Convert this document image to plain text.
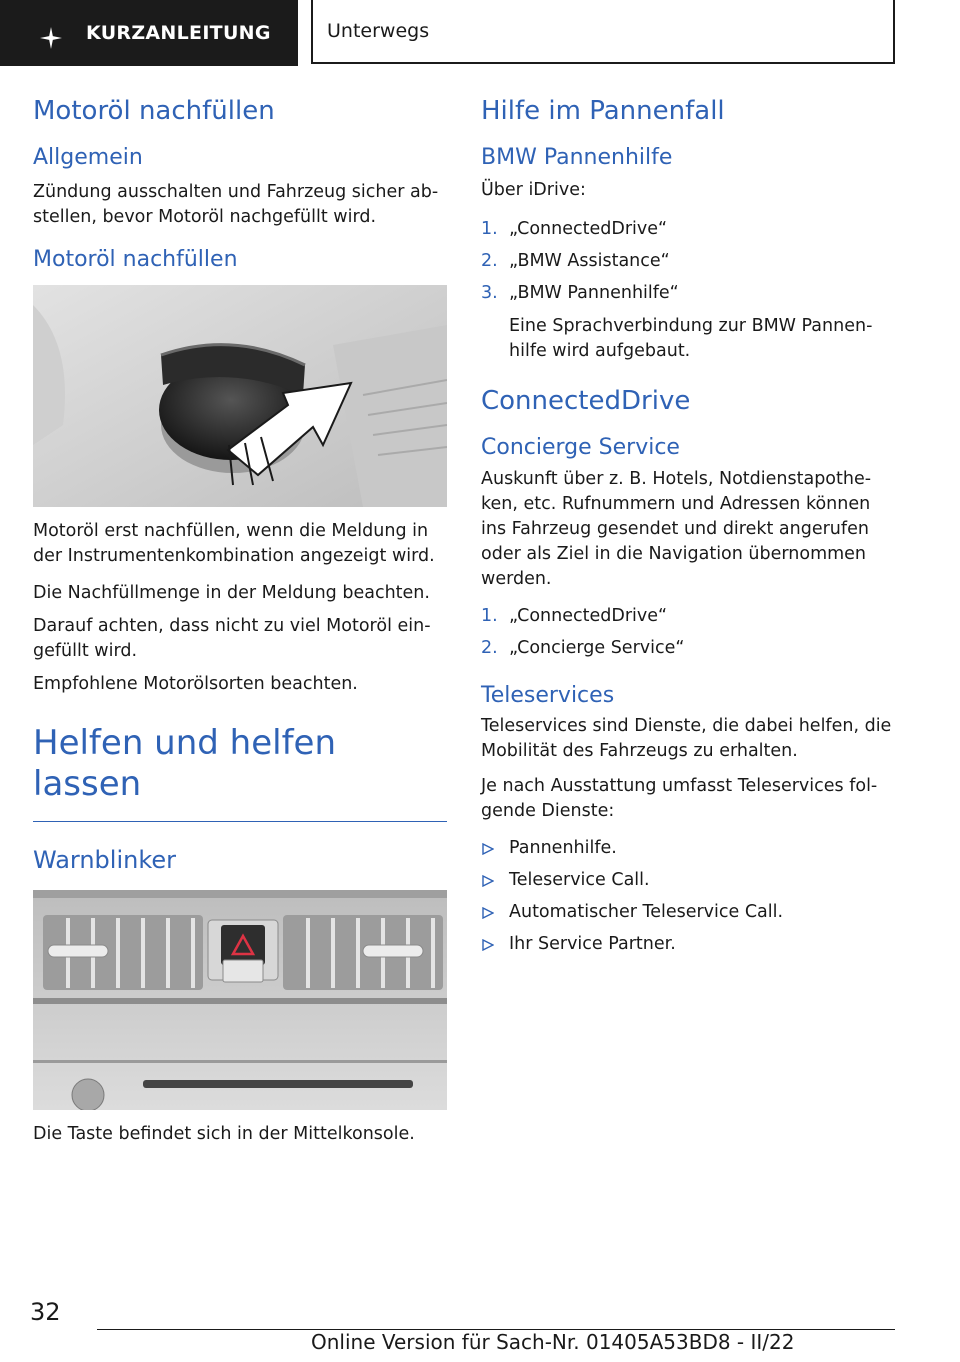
KURZANLEITUNG	Unterwegs
Motoröl nachfüllen
Allgemein

Zündung ausschalten und Fahrzeug sicher ab-stellen, bevor Motoröl nachgefüllt wird.

Motoröl nachfüllen

Motoröl erst nachfüllen, wenn die Meldung in der Instrumentenkombination angezeigt wird.

Die Nachfüllmenge in der Meldung beachten.

Darauf achten, dass nicht zu viel Motoröl ein-gefüllt wird.

Empfohlene Motorölsorten beachten.

Helfen und helfen lassen
Warnblinker

Die Taste befindet sich in der Mittelkonsole.

Hilfe im Pannenfall
BMW Pannenhilfe

Über iDrive:

1. „ConnectedDrive“
2. „BMW Assistance“
3. „BMW Pannenhilfe“
Eine Sprachverbindung zur BMW Pannen-hilfe wird aufgebaut.
ConnectedDrive
Concierge Service

Auskunft über z. B. Hotels, Notdienstapothe-ken, etc. Rufnummern und Adressen können ins Fahrzeug gesendet und direkt angerufen oder als Ziel in die Navigation übernommen werden.

1. „ConnectedDrive“
2. „Concierge Service“
Teleservices

Teleservices sind Dienste, die dabei helfen, die Mobilität des Fahrzeugs zu erhalten.

Je nach Ausstattung umfasst Teleservices fol-gende Dienste:

Pannenhilfe.
Teleservice Call.
Automatischer Teleservice Call.
Ihr Service Partner.
32
Online Version für Sach-Nr. 01405A53BD8 - II/22
